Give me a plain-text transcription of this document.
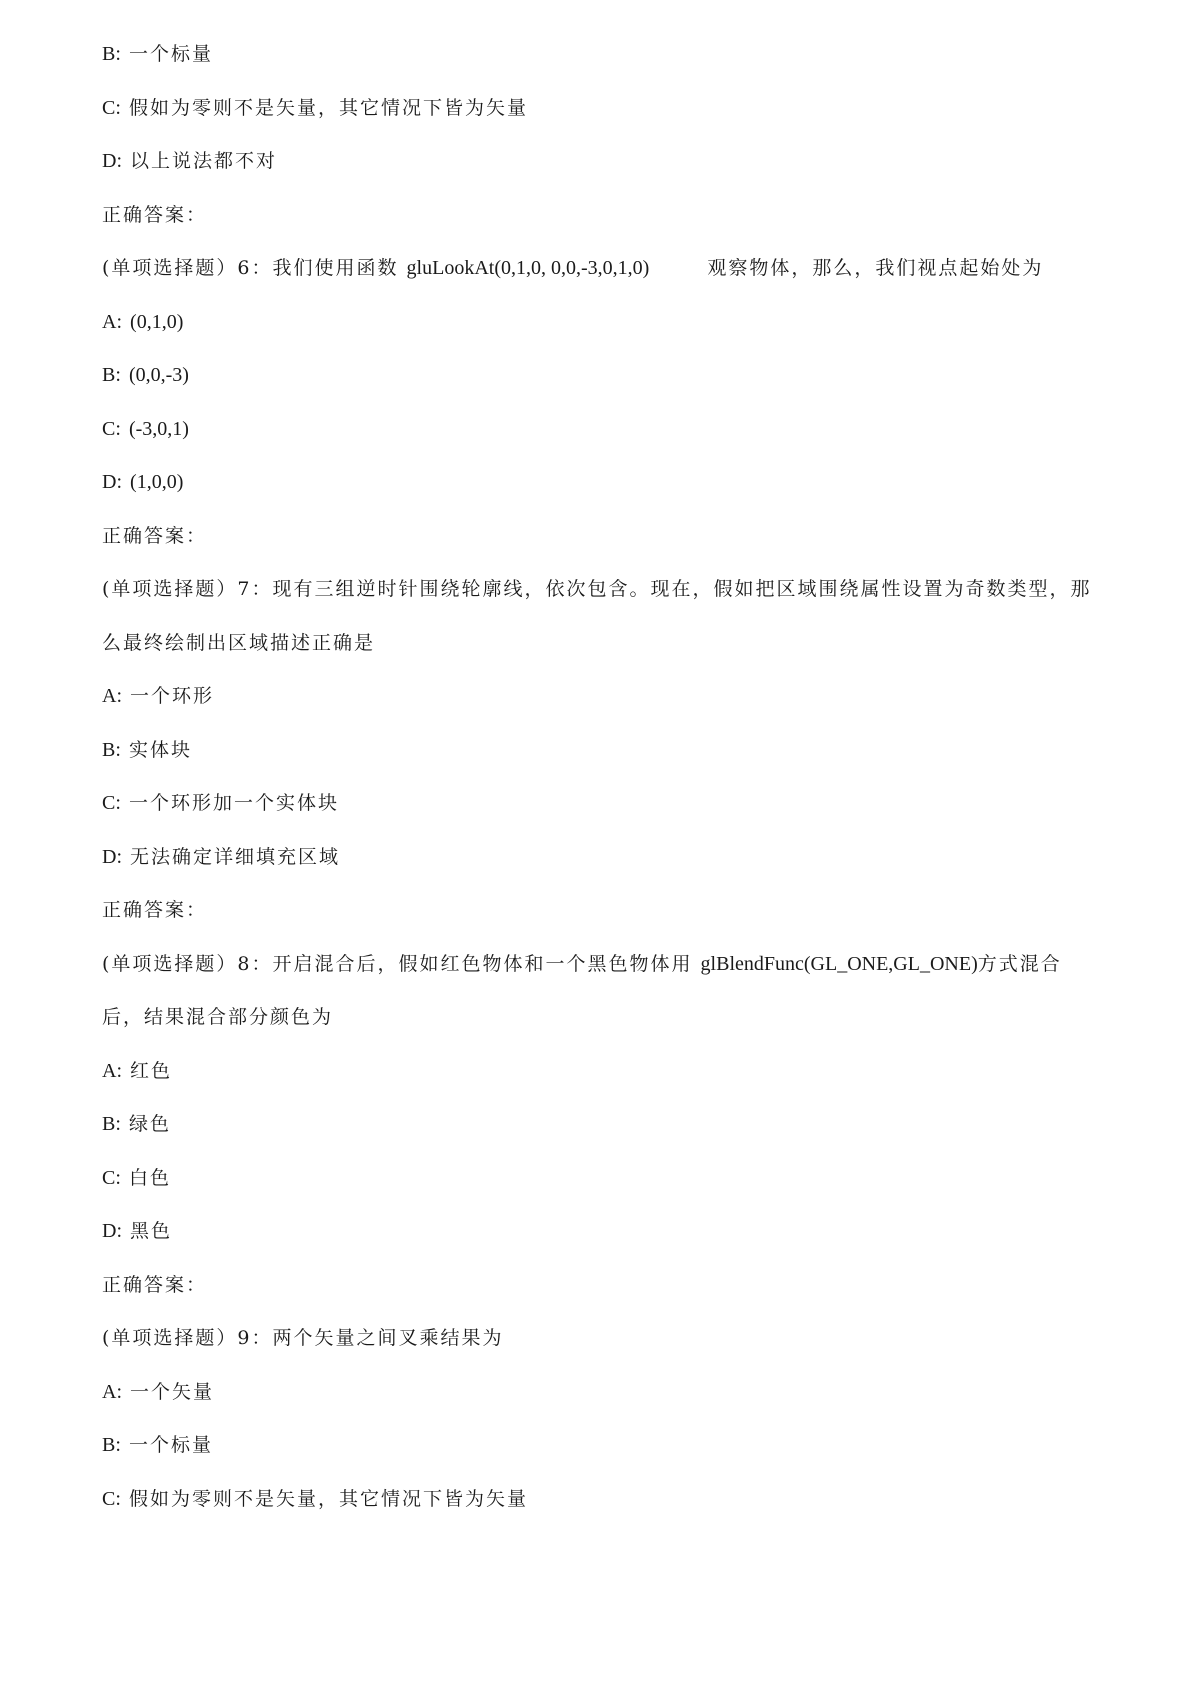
B: 一个标量
C: 假如为零则不是矢量，其它情况下皆为矢量
D: 以上说法都不对
正确答案：
(单项选择题）6：我们使用函数 gluLookAt(0,1,0, 0,0,-3,0,1,0)	观察物体，那么，我们视点起始处为
A: (0,1,0)
B: (0,0,-3)
C: (-3,0,1)
D: (1,0,0)
正确答案：
(单项选择题）7：现有三组逆时针围绕轮廓线，依次包含。现在，假如把区域围绕属性设置为奇数类型，那
么最终绘制出区域描述正确是
A: 一个环形
B: 实体块
C: 一个环形加一个实体块
D: 无法确定详细填充区域
正确答案：
(单项选择题）8：开启混合后，假如红色物体和一个黑色物体用 glBlendFunc(GL_ONE,GL_ONE)方式混合
后，结果混合部分颜色为
A: 红色
B: 绿色
C: 白色
D: 黑色
正确答案：
(单项选择题）9：两个矢量之间叉乘结果为
A: 一个矢量
B: 一个标量
C: 假如为零则不是矢量，其它情况下皆为矢量
